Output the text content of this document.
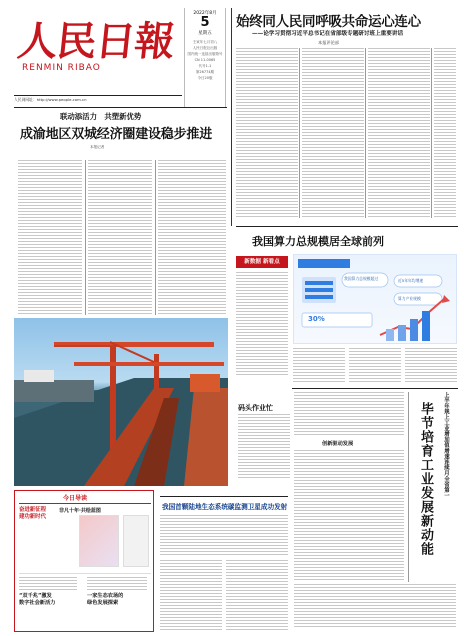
人民日報
RENMIN RIBAO
人民网网址：http://www.people.com.cn
2022年8月
5
星期五
壬寅年七月初八
人民日报社出版
国内统一连续出版物号
CN 11-0065
代号1-1
第26774期
今日20版
始终同人民同呼吸共命运心连心
——论学习贯彻习近平总书记在省部级专题研讨班上重要讲话
本报评论部
联动添活力　共塑新优势
成渝地区双城经济圈建设稳步推进
本报记者　　　　　　
我国算力总规模居全球前列
新数据 新看点
我国算力总规模超过	近5年年均增速
算力产业规模
30%
码头作业忙
创新驱动发展	上半年规上工业增加值增速连续月全省第一
毕节培育工业发展新动能
今日导读
奋进新征程
建功新时代
非凡十年·共绘蓝图
“双千兆”激发
数字社会新活力
一家生态农场的
绿色发展探索
我国首颗陆地生态系统碳监测卫星成功发射
